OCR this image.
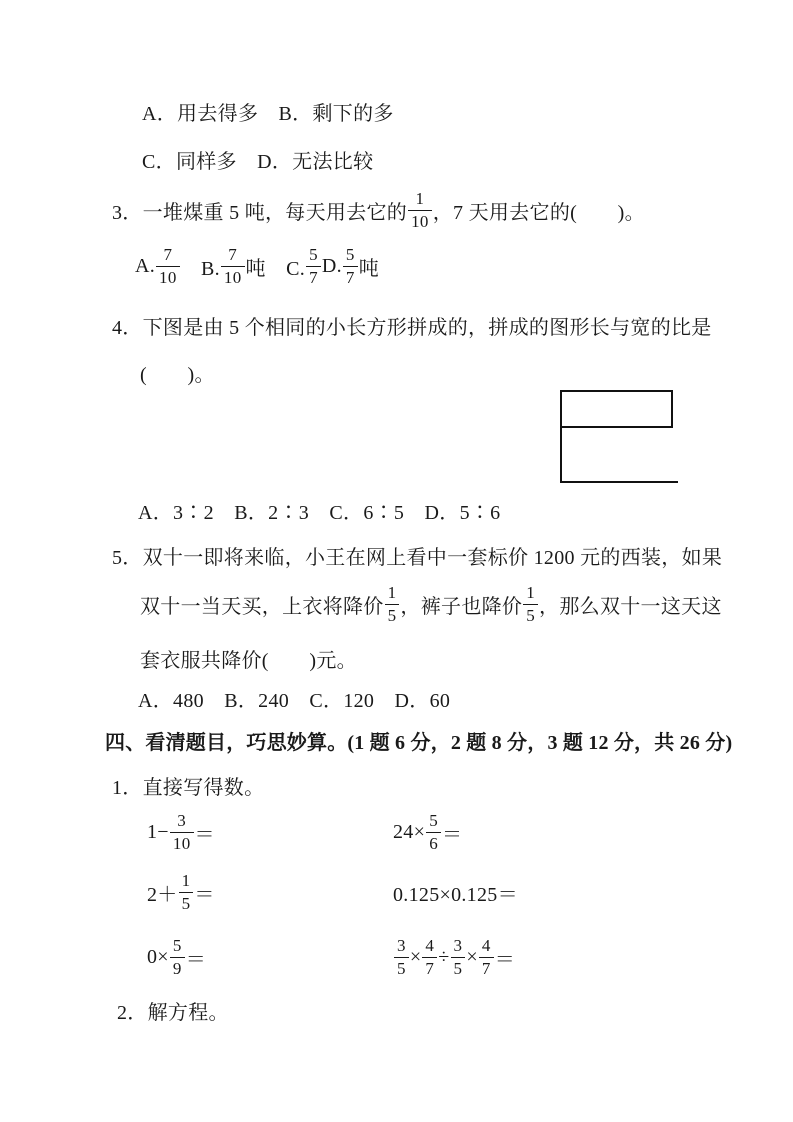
A．用去得多　B．剩下的多
C．同样多　D．无法比较
3．一堆煤重 5 吨，每天用去它的 $\frac{1}{10}$ ，7 天用去它的(　　)。
A. $\frac{7}{10}$ 　B. $\frac{7}{10}$ 吨　C. $\frac{5}{7} D$. $\frac{5}{7}$ 吨
4．下图是由 5 个相同的小长方形拼成的，拼成的图形长与宽的比是
(　　)。
A．3∶2　B．2∶3　C．6∶5　D．5∶6
5．双十一即将来临，小王在网上看中一套标价 1200 元的西装，如果
双十一当天买，上衣将降价 $\frac{1}{5}$ ，裤子也降价 $\frac{1}{5}$ ，那么双十一这天这
套衣服共降价(　　)元。
A．480　B．240　C．120　D．60
四、看清题目，巧思妙算。(1 题 6 分，2 题 8 分，3 题 12 分，共 26 分)
1．直接写得数。
$1- \frac{3}{10}$ ＝	$24\times \frac{5}{6}$ ＝
$2+ \frac{1}{5}$ ＝	0.125×0.125＝
$0\times \frac{5}{9}$ ＝	$\frac{3}{5} \times \frac{4}{7} \div \frac{3}{5} \times \frac{4}{7}$ ＝
2．解方程。
